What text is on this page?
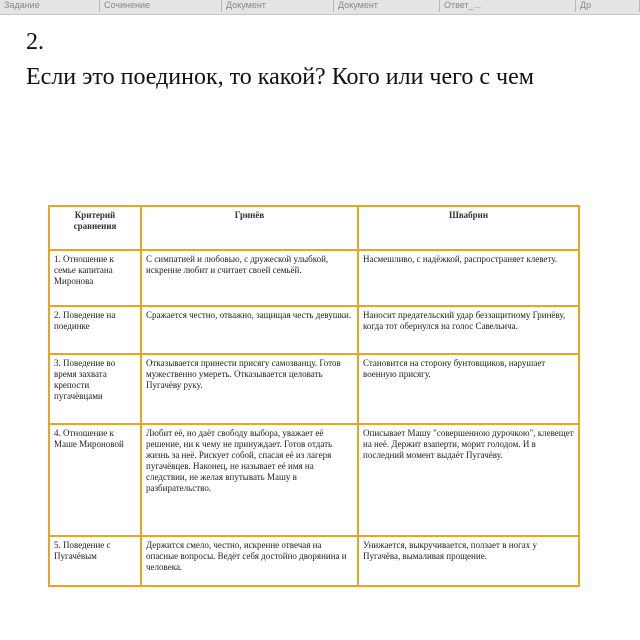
Задание	Сочинение	Документ	Документ	Ответ_...	Др
2.

Если это поединок, то какой? Кого или чего с чем

Критерий сравнения	Гринёв	Швабрин
1. Отношение к семье капитана Миронова	С симпатией и любовью, с дружеской улыбкой, искренне любит и считает своей семьёй.	Насмешливо, с надёжкой, распространяет клевету.
2. Поведение на поединке	Сражается честно, отважно, защищая честь девушки.	Наносит предательский удар беззащитному Гринёву, когда тот обернулся на голос Савельича.
3. Поведение во время захвата крепости пугачёвцами	Отказывается принести присягу самозванцу. Готов мужественно умереть. Отказывается целовать Пугачёву руку.	Становится на сторону бунтовщиков, нарушает военную присягу.
4. Отношение к Маше Мироновой	Любит её, но даёт свободу выбора, уважает её решение, ни к чему не принуждает. Готов отдать жизнь за неё. Рискует собой, спасая её из лагеря пугачёвцев. Наконец, не называет её имя на следствии, не желая впутывать Машу в разбирательство.	Описывает Машу "совершенною дурочкою", клевещет на неё. Держит взаперти, морит голодом. И в последний момент выдаёт Пугачёву.
5. Поведение с Пугачёвым	Держится смело, честно, искренне отвечая на опасные вопросы. Ведёт себя достойно дворянина и человека.	Унижается, выкручивается, ползает в ногах у Пугачёва, вымаливая прощение.
